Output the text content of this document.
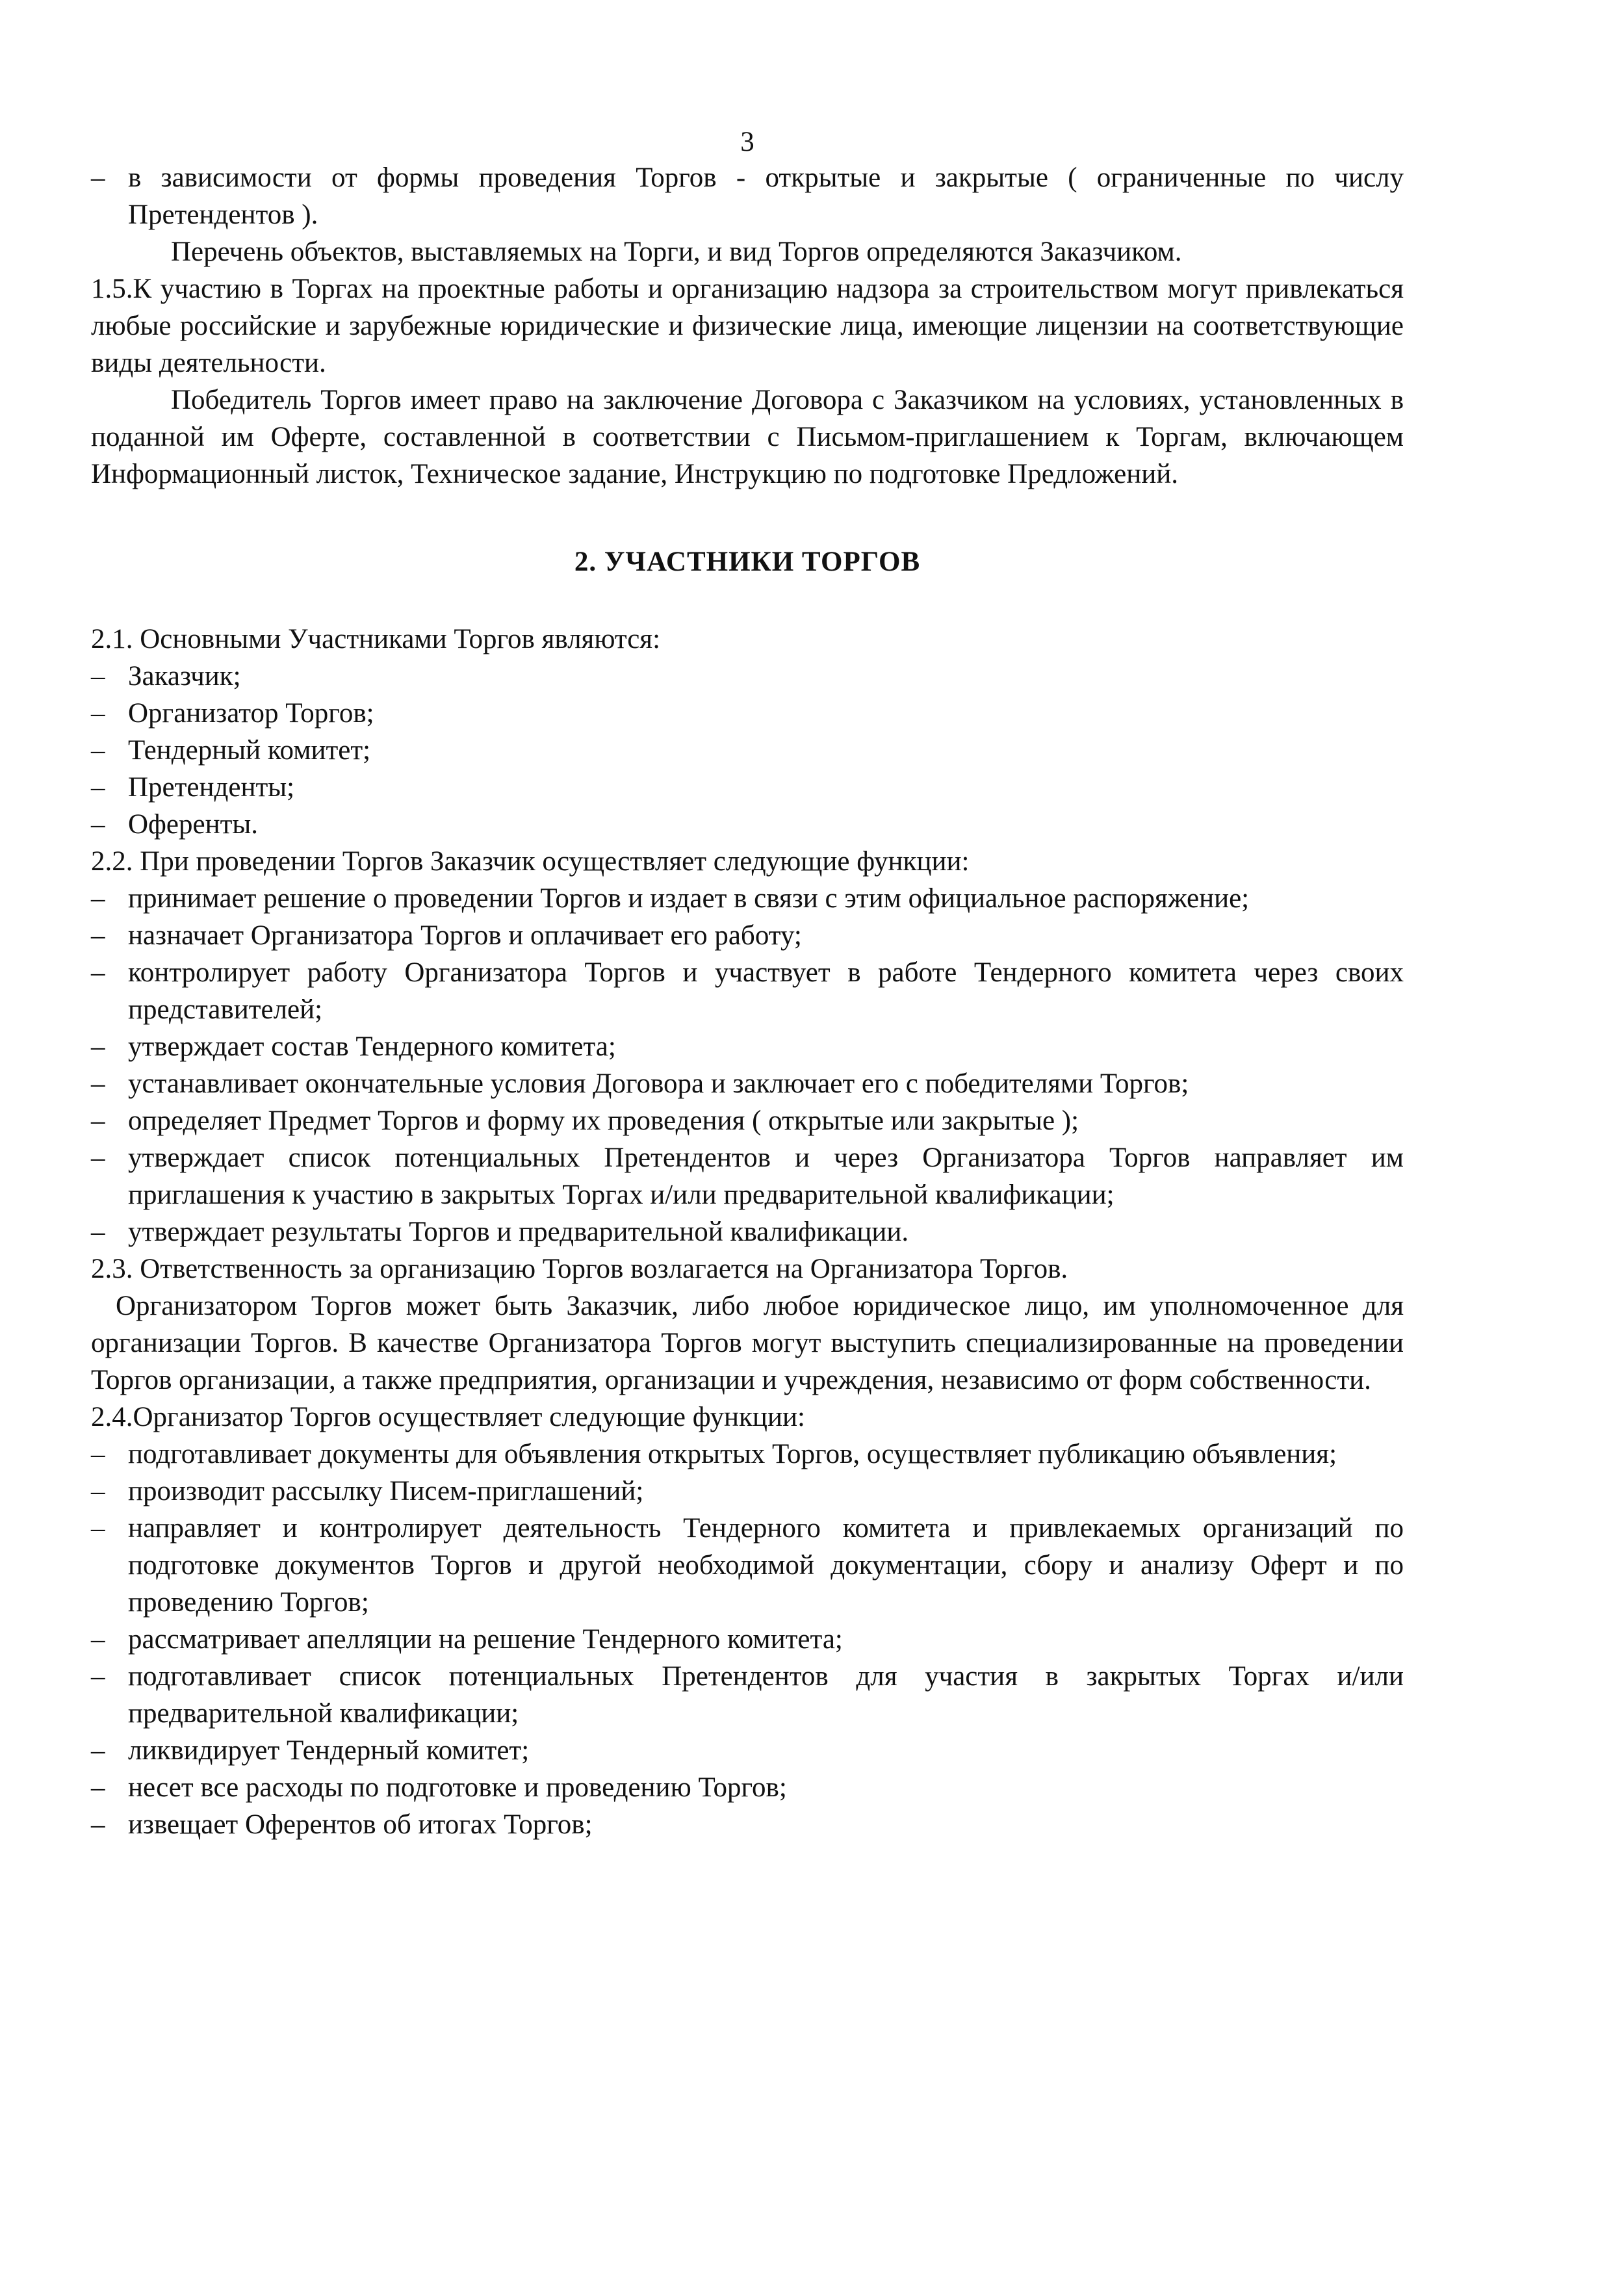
3
– в зависимости от формы проведения Торгов - открытые и закрытые ( ограниченные по числу Претендентов ).

Перечень объектов, выставляемых на Торги, и вид Торгов определяются Заказчиком.

1.5.К участию в Торгах на проектные работы и организацию надзора за строительством могут привлекаться любые российские и зарубежные юридические и физические лица, имеющие лицензии на соответствующие виды деятельности.

Победитель Торгов имеет право на заключение Договора с Заказчиком на условиях, установленных в поданной им Оферте, составленной в соответствии с Письмом-приглашением к Торгам, включающем Информационный листок, Техническое задание, Инструкцию по подготовке Предложений.

2. УЧАСТНИКИ ТОРГОВ

2.1. Основными Участниками Торгов являются:

– Заказчик;
– Организатор Торгов;
– Тендерный комитет;
– Претенденты;
– Оференты.

2.2. При проведении Торгов Заказчик осуществляет следующие функции:

– принимает решение о проведении Торгов и издает в связи с этим официальное распоряжение;
– назначает Организатора Торгов и оплачивает его работу;
– контролирует работу Организатора Торгов и участвует в работе Тендерного комитета через своих представителей;
– утверждает состав Тендерного комитета;
– устанавливает окончательные условия Договора и заключает его с победителями Торгов;
– определяет Предмет Торгов и форму их проведения ( открытые или закрытые );
– утверждает список потенциальных Претендентов и через Организатора Торгов направляет им приглашения к участию в закрытых Торгах и/или предварительной квалификации;
– утверждает результаты Торгов и предварительной квалификации.

2.3. Ответственность за организацию Торгов возлагается на Организатора Торгов.

Организатором Торгов может быть Заказчик, либо любое юридическое лицо, им уполномоченное для организации Торгов. В качестве Организатора Торгов могут выступить специализированные на проведении Торгов организации, а также предприятия, организации и учреждения, независимо от форм собственности.

2.4.Организатор Торгов осуществляет следующие функции:

– подготавливает документы для объявления открытых Торгов, осуществляет публикацию объявления;
– производит рассылку Писем-приглашений;
– направляет и контролирует деятельность Тендерного комитета и привлекаемых организаций по подготовке документов Торгов и другой необходимой документации, сбору и анализу Оферт и по проведению Торгов;
– рассматривает апелляции на решение Тендерного комитета;
– подготавливает список потенциальных Претендентов для участия в закрытых Торгах и/или предварительной квалификации;
– ликвидирует Тендерный комитет;
– несет все расходы по подготовке и проведению Торгов;
– извещает Оферентов об итогах Торгов;
